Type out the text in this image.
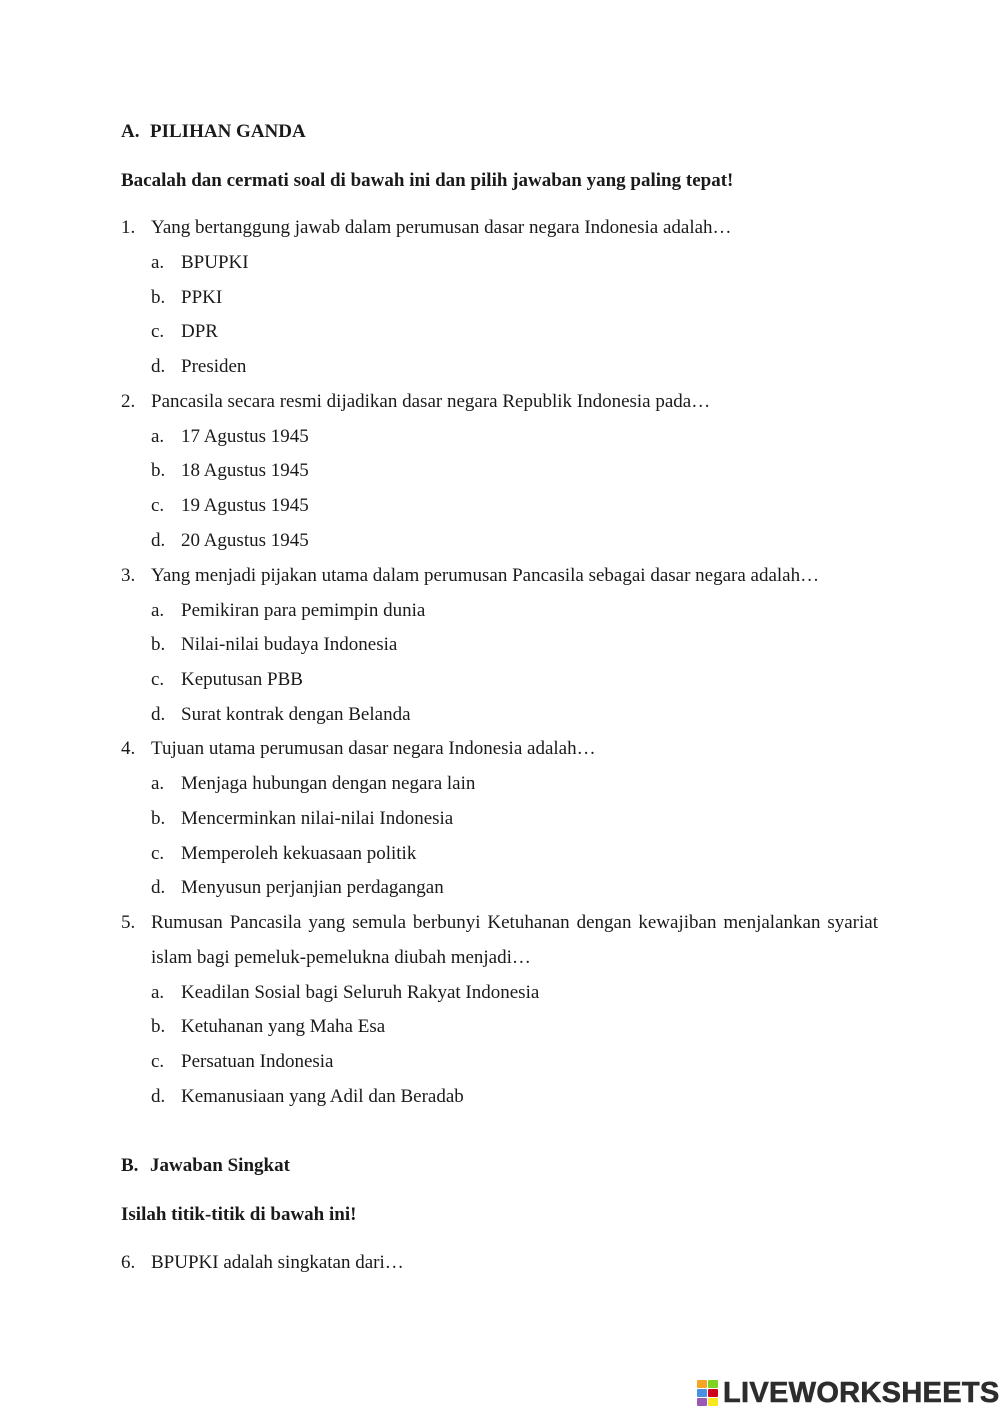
A. PILIHAN GANDA
Bacalah dan cermati soal di bawah ini dan pilih jawaban yang paling tepat!
1. Yang bertanggung jawab dalam perumusan dasar negara Indonesia adalah…
a. BPUPKI
b. PPKI
c. DPR
d. Presiden
2. Pancasila secara resmi dijadikan dasar negara Republik Indonesia pada…
a. 17 Agustus 1945
b. 18 Agustus 1945
c. 19 Agustus 1945
d. 20 Agustus 1945
3. Yang menjadi pijakan utama dalam perumusan Pancasila sebagai dasar negara adalah…
a. Pemikiran para pemimpin dunia
b. Nilai-nilai budaya Indonesia
c. Keputusan PBB
d. Surat kontrak dengan Belanda
4. Tujuan utama perumusan dasar negara Indonesia adalah…
a. Menjaga hubungan dengan negara lain
b. Mencerminkan nilai-nilai Indonesia
c. Memperoleh kekuasaan politik
d. Menyusun perjanjian perdagangan
5. Rumusan Pancasila yang semula berbunyi Ketuhanan dengan kewajiban menjalankan syariat islam bagi pemeluk-pemelukna diubah menjadi…
a. Keadilan Sosial bagi Seluruh Rakyat Indonesia
b. Ketuhanan yang Maha Esa
c. Persatuan Indonesia
d. Kemanusiaan yang Adil dan Beradab
B. Jawaban Singkat
Isilah titik-titik di bawah ini!
6. BPUPKI adalah singkatan dari…
LIVEWORKSHEETS
